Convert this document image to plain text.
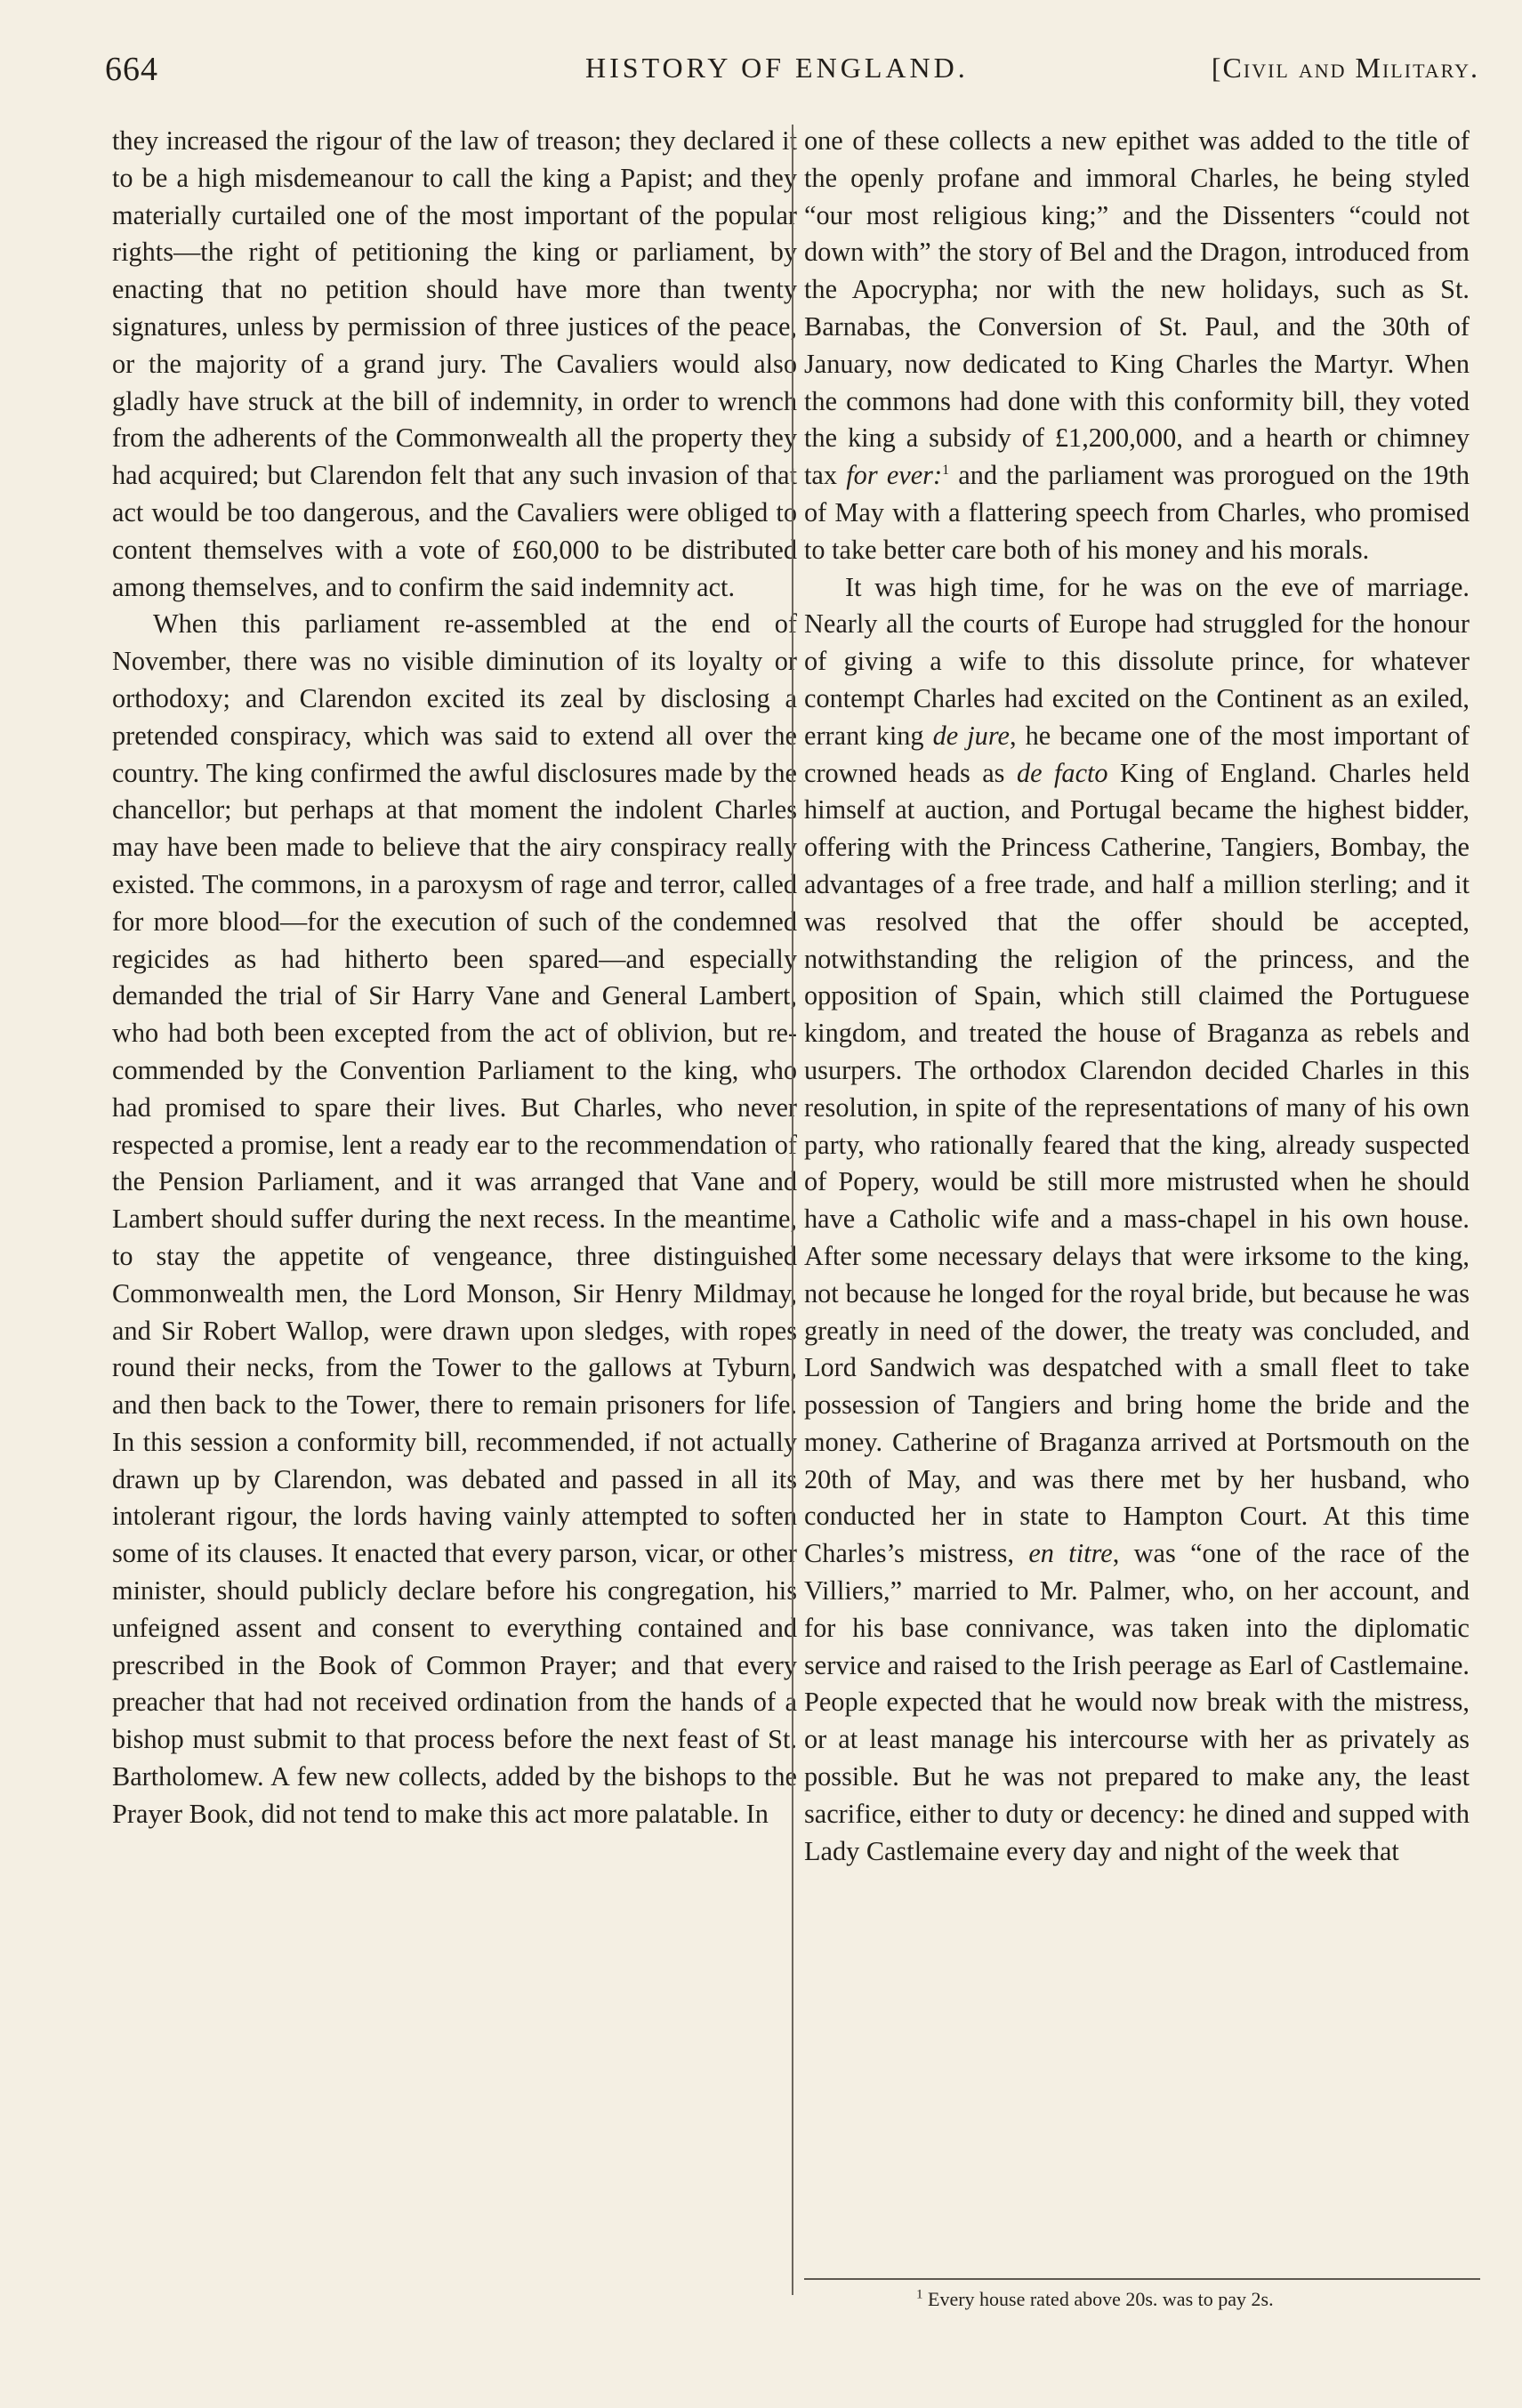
664	HISTORY OF ENGLAND.	[Civil and Military.

they increased the rigour of the law of treason; they declared it to be a high misdemeanour to call the king a Papist; and they materially curtailed one of the most important of the popular rights—the right of petitioning the king or parliament, by enacting that no petition should have more than twenty signatures, unless by permission of three justices of the peace, or the majority of a grand jury. The Cavaliers would also gladly have struck at the bill of indemnity, in order to wrench from the adherents of the Commonwealth all the property they had acquired; but Clarendon felt that any such invasion of that act would be too dangerous, and the Cavaliers were obliged to content themselves with a vote of £60,000 to be distributed among themselves, and to confirm the said indemnity act.

When this parliament re-assembled at the end of November, there was no visible diminution of its loyalty or orthodoxy; and Clarendon excited its zeal by disclosing a pretended conspiracy, which was said to extend all over the country. The king confirmed the awful disclosures made by the chancellor; but perhaps at that moment the indolent Charles may have been made to believe that the airy conspiracy really existed. The commons, in a paroxysm of rage and terror, called for more blood—for the execution of such of the condemned regicides as had hitherto been spared—and especially demanded the trial of Sir Harry Vane and General Lambert, who had both been excepted from the act of oblivion, but recommended by the Convention Parliament to the king, who had promised to spare their lives. But Charles, who never respected a promise, lent a ready ear to the recommendation of the Pension Parliament, and it was arranged that Vane and Lambert should suffer during the next recess. In the meantime, to stay the appetite of vengeance, three distinguished Commonwealth men, the Lord Monson, Sir Henry Mildmay, and Sir Robert Wallop, were drawn upon sledges, with ropes round their necks, from the Tower to the gallows at Tyburn, and then back to the Tower, there to remain prisoners for life. In this session a conformity bill, recommended, if not actually drawn up by Clarendon, was debated and passed in all its intolerant rigour, the lords having vainly attempted to soften some of its clauses. It enacted that every parson, vicar, or other minister, should publicly declare before his congregation, his unfeigned assent and consent to everything contained and prescribed in the Book of Common Prayer; and that every preacher that had not received ordination from the hands of a bishop must submit to that process before the next feast of St. Bartholomew. A few new collects, added by the bishops to the Prayer Book, did not tend to make this act more palatable. In

one of these collects a new epithet was added to the title of the openly profane and immoral Charles, he being styled “our most religious king;” and the Dissenters “could not down with” the story of Bel and the Dragon, introduced from the Apocrypha; nor with the new holidays, such as St. Barnabas, the Conversion of St. Paul, and the 30th of January, now dedicated to King Charles the Martyr. When the commons had done with this conformity bill, they voted the king a subsidy of £1,200,000, and a hearth or chimney tax for ever:$^1$ and the parliament was prorogued on the 19th of May with a flattering speech from Charles, who promised to take better care both of his money and his morals.

It was high time, for he was on the eve of marriage. Nearly all the courts of Europe had struggled for the honour of giving a wife to this dissolute prince, for whatever contempt Charles had excited on the Continent as an exiled, errant king de jure, he became one of the most important of crowned heads as de facto King of England. Charles held himself at auction, and Portugal became the highest bidder, offering with the Princess Catherine, Tangiers, Bombay, the advantages of a free trade, and half a million sterling; and it was resolved that the offer should be accepted, notwithstanding the religion of the princess, and the opposition of Spain, which still claimed the Portuguese kingdom, and treated the house of Braganza as rebels and usurpers. The orthodox Clarendon decided Charles in this resolution, in spite of the representations of many of his own party, who rationally feared that the king, already suspected of Popery, would be still more mistrusted when he should have a Catholic wife and a mass-chapel in his own house. After some necessary delays that were irksome to the king, not because he longed for the royal bride, but because he was greatly in need of the dower, the treaty was concluded, and Lord Sandwich was despatched with a small fleet to take possession of Tangiers and bring home the bride and the money. Catherine of Braganza arrived at Portsmouth on the 20th of May, and was there met by her husband, who conducted her in state to Hampton Court. At this time Charles’s mistress, en titre, was “one of the race of the Villiers,” married to Mr. Palmer, who, on her account, and for his base connivance, was taken into the diplomatic service and raised to the Irish peerage as Earl of Castlemaine. People expected that he would now break with the mistress, or at least manage his intercourse with her as privately as possible. But he was not prepared to make any, the least sacrifice, either to duty or decency: he dined and supped with Lady Castlemaine every day and night of the week that

$^1$ Every house rated above 20s. was to pay 2s.
